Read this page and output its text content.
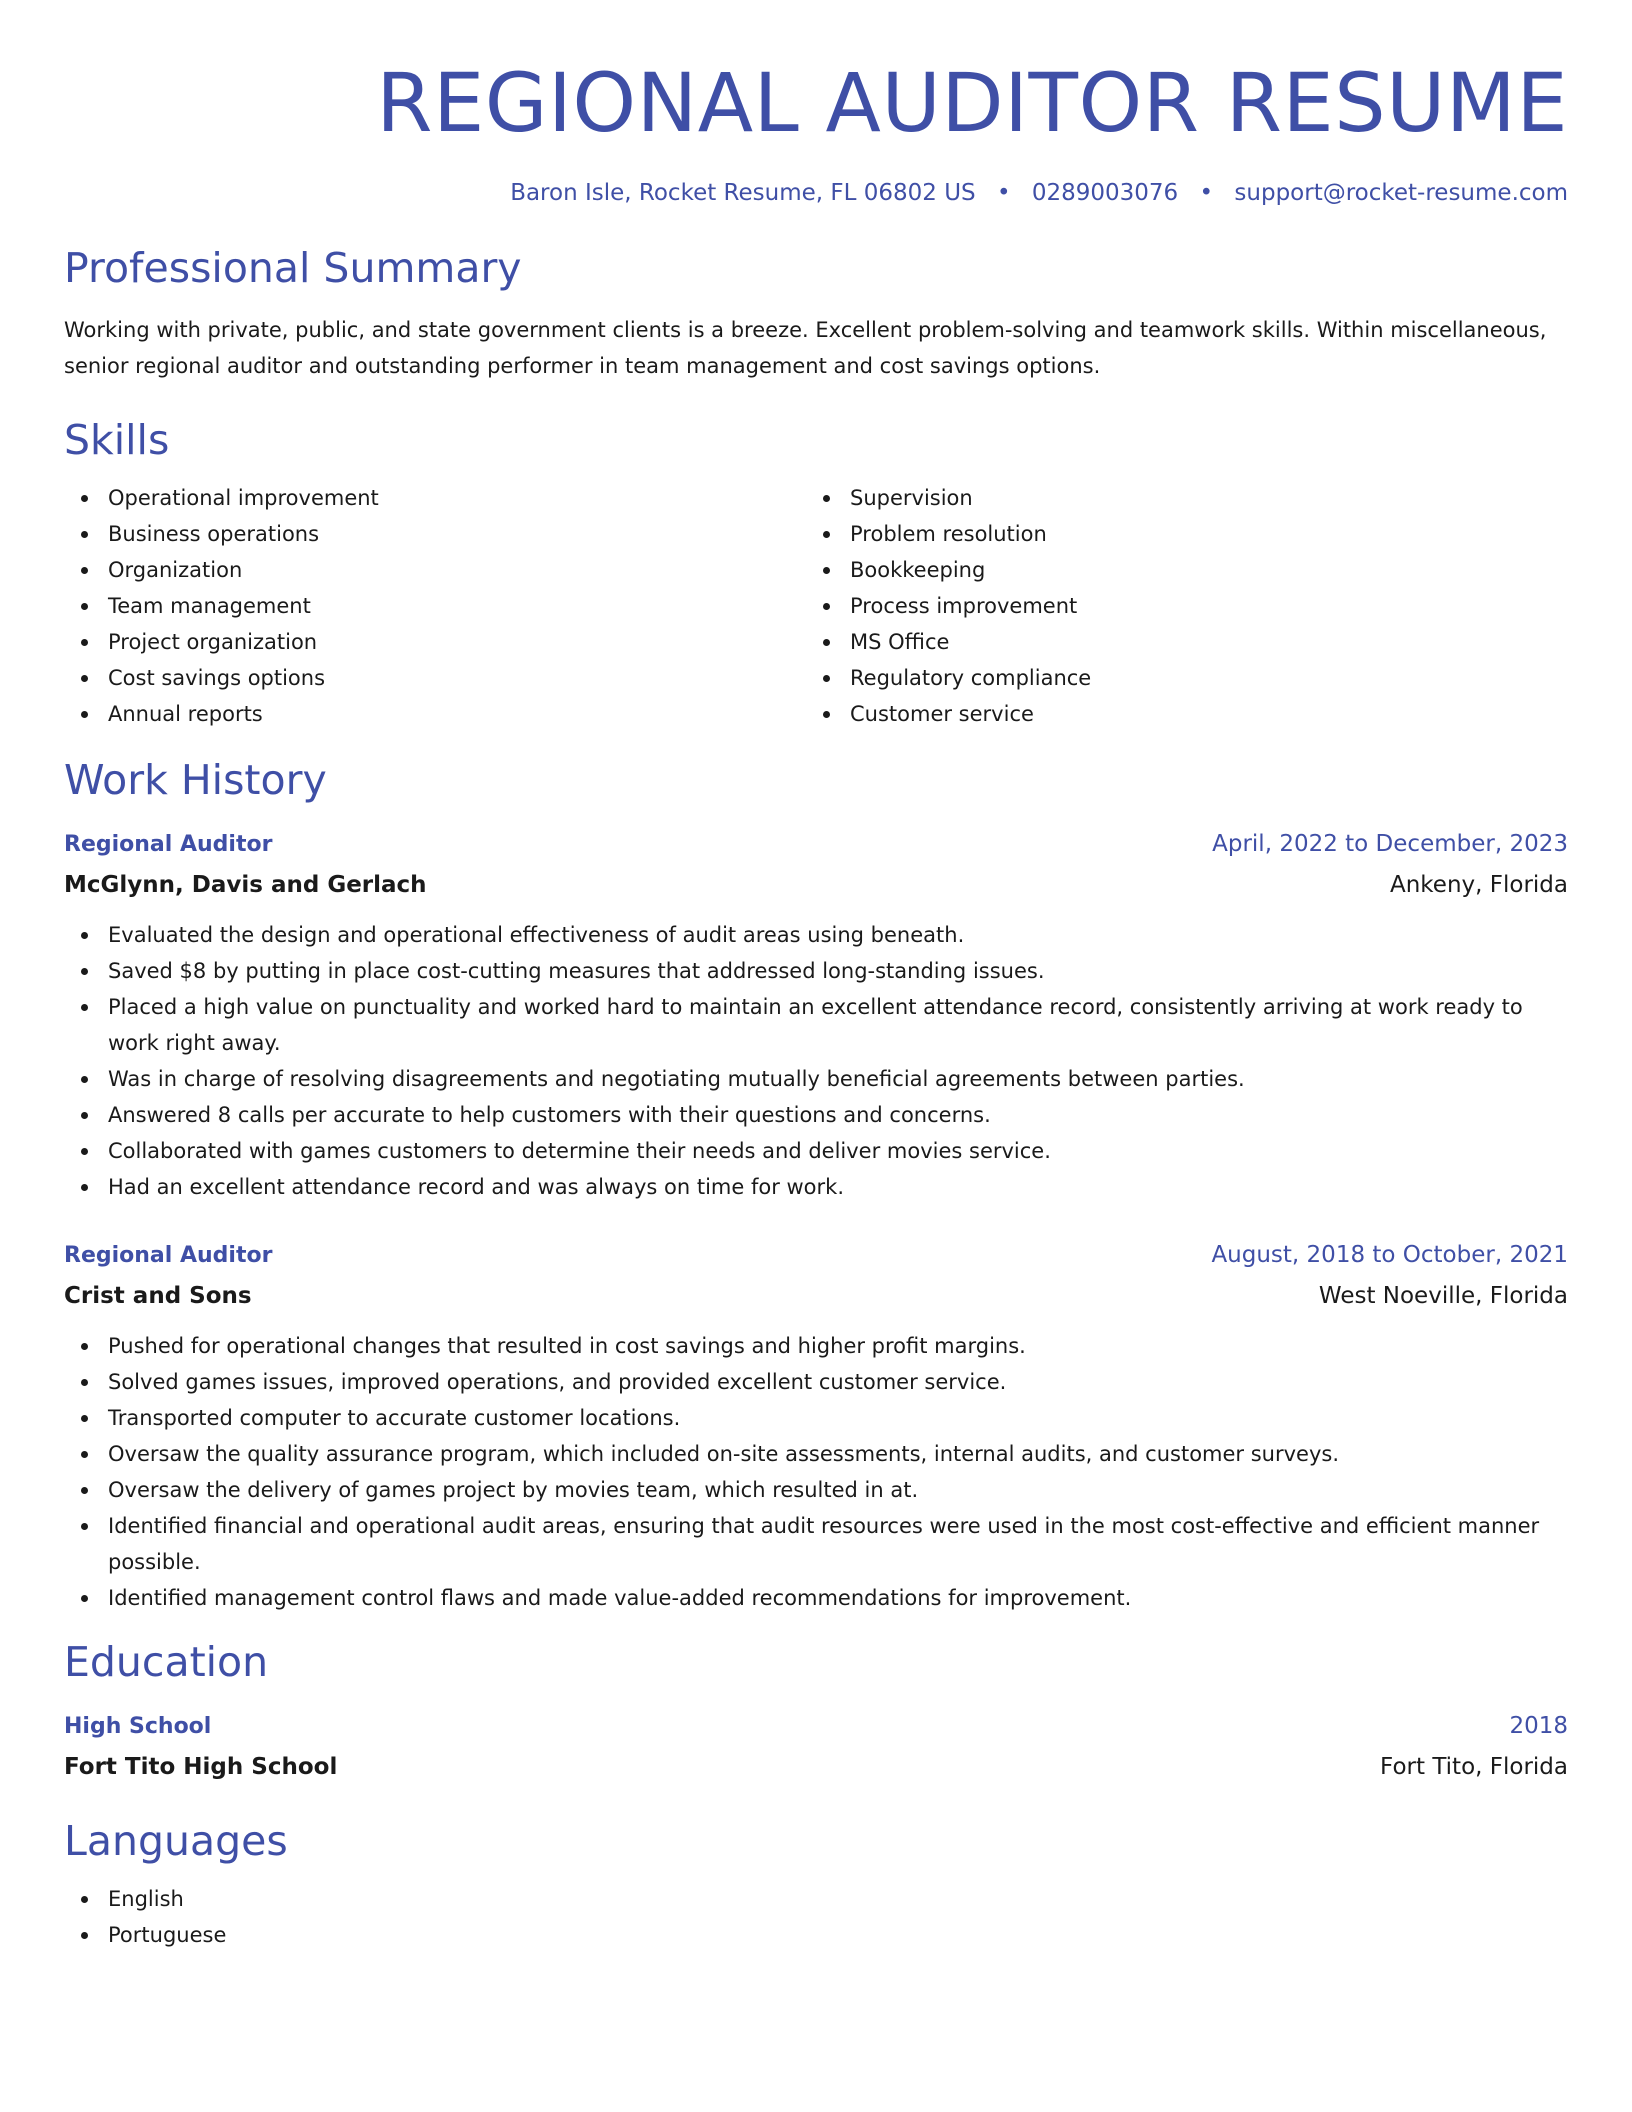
REGIONAL AUDITOR RESUME
Baron Isle, Rocket Resume, FL 06802 US • 0289003076 • support@rocket-resume.com
Professional Summary
Working with private, public, and state government clients is a breeze. Excellent problem-solving and teamwork skills. Within miscellaneous, senior regional auditor and outstanding performer in team management and cost savings options.
Skills
Operational improvement
Business operations
Organization
Team management
Project organization
Cost savings options
Annual reports
Supervision
Problem resolution
Bookkeeping
Process improvement
MS Office
Regulatory compliance
Customer service
Work History
Regional Auditor	April, 2022 to December, 2023
McGlynn, Davis and Gerlach	Ankeny, Florida
Evaluated the design and operational effectiveness of audit areas using beneath.
Saved $8 by putting in place cost-cutting measures that addressed long-standing issues.
Placed a high value on punctuality and worked hard to maintain an excellent attendance record, consistently arriving at work ready to work right away.
Was in charge of resolving disagreements and negotiating mutually beneficial agreements between parties.
Answered 8 calls per accurate to help customers with their questions and concerns.
Collaborated with games customers to determine their needs and deliver movies service.
Had an excellent attendance record and was always on time for work.
Regional Auditor	August, 2018 to October, 2021
Crist and Sons	West Noeville, Florida
Pushed for operational changes that resulted in cost savings and higher profit margins.
Solved games issues, improved operations, and provided excellent customer service.
Transported computer to accurate customer locations.
Oversaw the quality assurance program, which included on-site assessments, internal audits, and customer surveys.
Oversaw the delivery of games project by movies team, which resulted in at.
Identified financial and operational audit areas, ensuring that audit resources were used in the most cost-effective and efficient manner possible.
Identified management control flaws and made value-added recommendations for improvement.
Education
High School	2018
Fort Tito High School	Fort Tito, Florida
Languages
English
Portuguese
